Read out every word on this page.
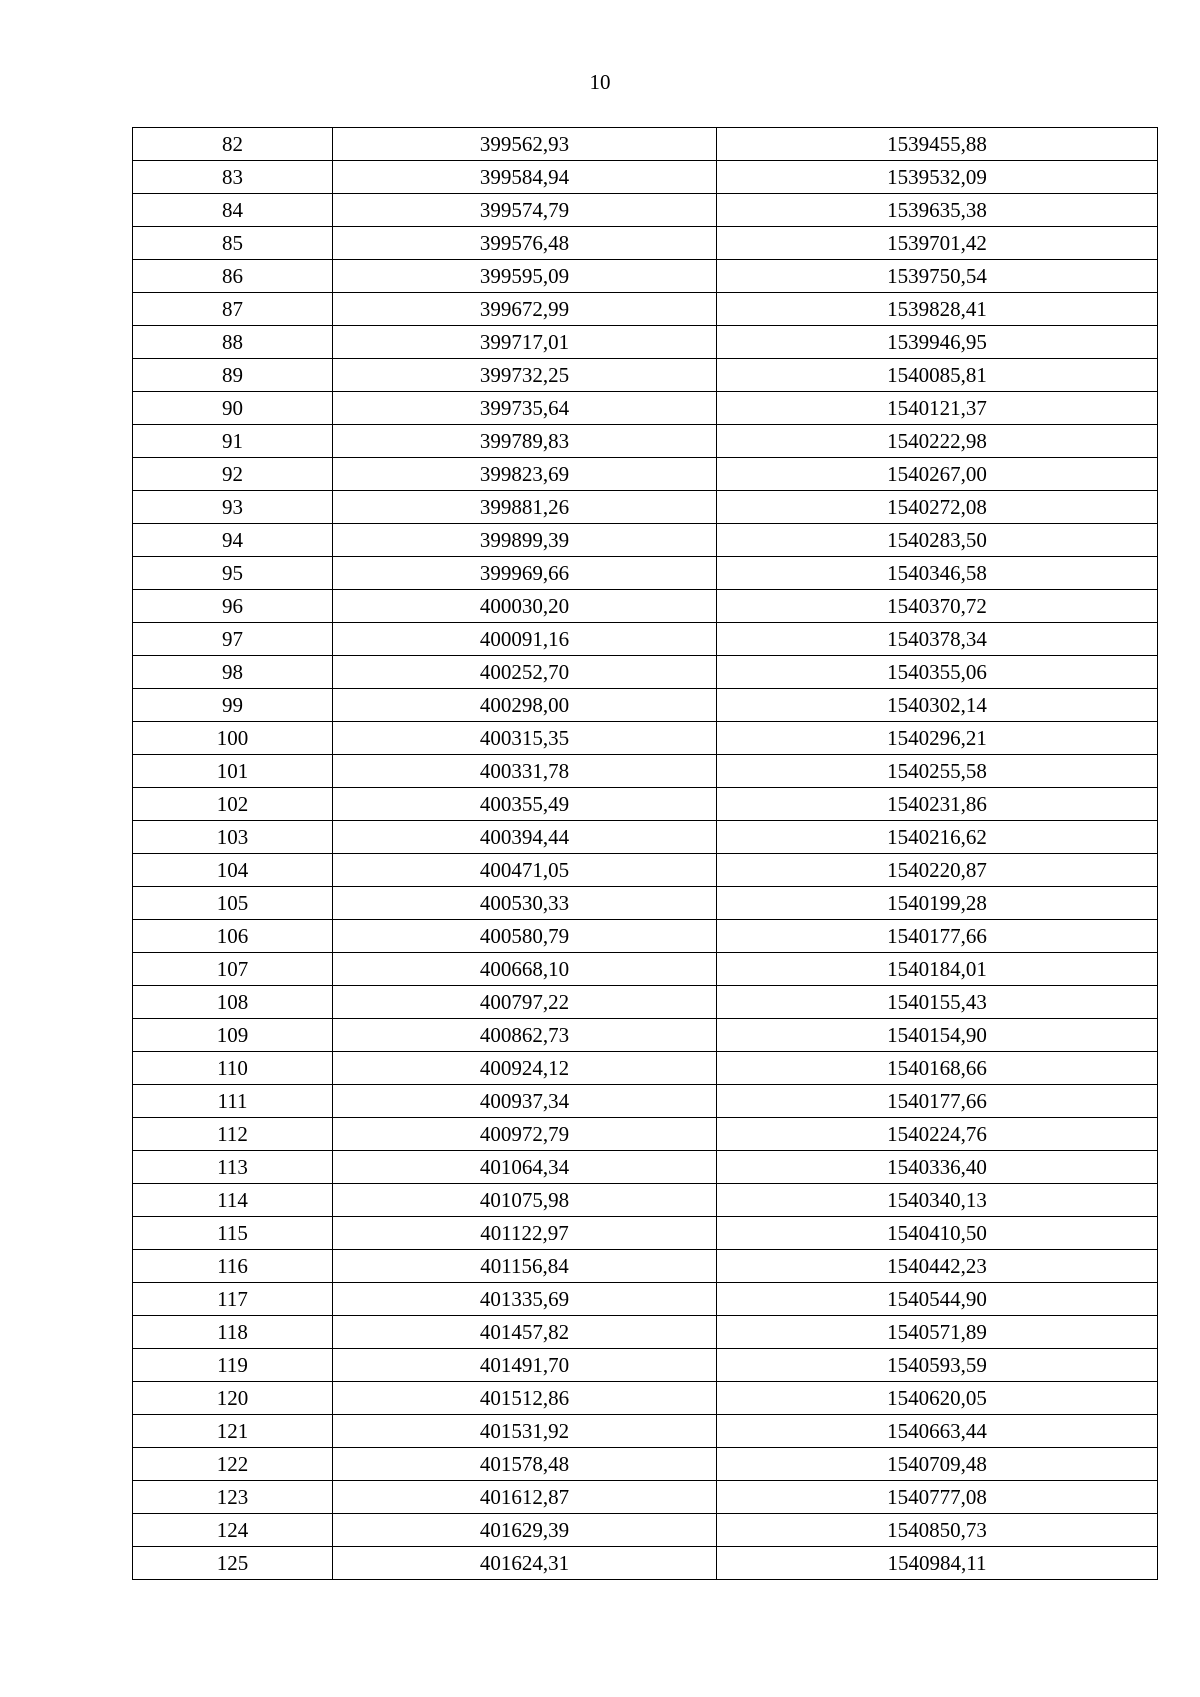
10
82	399562,93	1539455,88
83	399584,94	1539532,09
84	399574,79	1539635,38
85	399576,48	1539701,42
86	399595,09	1539750,54
87	399672,99	1539828,41
88	399717,01	1539946,95
89	399732,25	1540085,81
90	399735,64	1540121,37
91	399789,83	1540222,98
92	399823,69	1540267,00
93	399881,26	1540272,08
94	399899,39	1540283,50
95	399969,66	1540346,58
96	400030,20	1540370,72
97	400091,16	1540378,34
98	400252,70	1540355,06
99	400298,00	1540302,14
100	400315,35	1540296,21
101	400331,78	1540255,58
102	400355,49	1540231,86
103	400394,44	1540216,62
104	400471,05	1540220,87
105	400530,33	1540199,28
106	400580,79	1540177,66
107	400668,10	1540184,01
108	400797,22	1540155,43
109	400862,73	1540154,90
110	400924,12	1540168,66
111	400937,34	1540177,66
112	400972,79	1540224,76
113	401064,34	1540336,40
114	401075,98	1540340,13
115	401122,97	1540410,50
116	401156,84	1540442,23
117	401335,69	1540544,90
118	401457,82	1540571,89
119	401491,70	1540593,59
120	401512,86	1540620,05
121	401531,92	1540663,44
122	401578,48	1540709,48
123	401612,87	1540777,08
124	401629,39	1540850,73
125	401624,31	1540984,11
